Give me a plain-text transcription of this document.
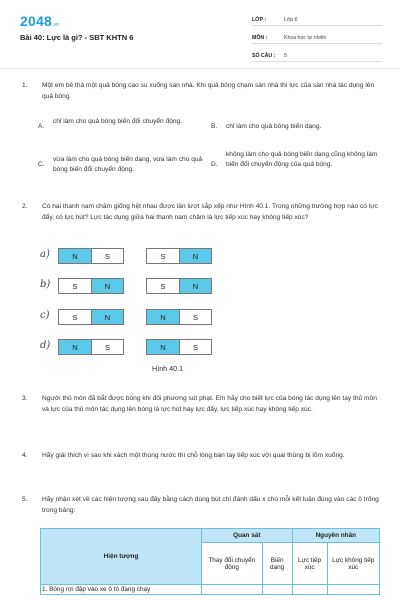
2048.vn
Bài 40: Lực là gì? - SBT KHTN 6
LỚP :	Lớp 6
MÔN :	Khoa học tự nhiên
SỐ CÂU :	5
1. Một em bé thả một quả bóng cao su xuống sàn nhà. Khi quả bóng chạm sàn nhà thì lực của sàn nhà tác dụng lên quả bóng
A.
chỉ làm cho quả bóng biến đổi chuyển động.
B. chỉ làm cho quả bóng biến dạng.
C.
vừa làm cho quả bóng biến dạng, vừa làm cho quả bóng biến đổi chuyển động.
D.
không làm cho quả bóng biến dạng cũng không làm biến đổi chuyển động của quả bóng.
2. Có hai thanh nam châm giống hệt nhau được lần lượt sắp xếp như Hình 40.1. Trong những trường hợp nào có lực đẩy, có lực hút? Lực tác dụng giữa hai thanh nam châm là lực tiếp xúc hay không tiếp xúc?
a)	N	S	S	N
b)	S	N	S	N
c)	S	N	N	S
d)	N	S	N	S
Hình 40.1
3. Người thủ môn đã bắt được bóng khi đối phương sút phạt. Em hãy cho biết lực của bóng tác dụng lên tay thủ môn và lực của thủ môn tác dụng lên bóng là lực hút hay lực đẩy, lực tiếp xúc hay không tiếp xúc.
4. Hãy giải thích vì sao khi xách một thùng nước thì chỗ lòng bàn tay tiếp xúc với quai thùng bị lõm xuống.
5. Hãy nhận xét về các hiện tượng sau đây bằng cách dùng bút chì đánh dấu x cho mỗi kết luận đúng vào các ô trống trong bảng:
Hiện tượng	Quan sát		Nguyên nhân	
	Thay đổi chuyển động	Biến dạng	Lực tiếp xúc	Lực không tiếp xúc
1. Bóng rơi đập vào xe ô tô đang chạy				
